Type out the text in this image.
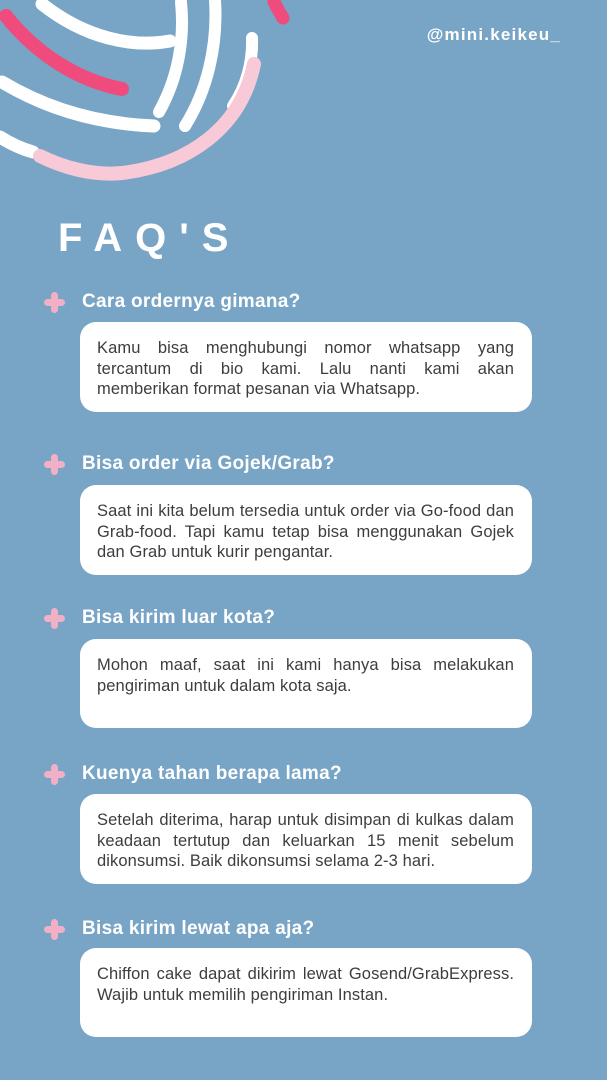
@mini.keikeu_
FAQ'S
Cara ordernya gimana?

Kamu bisa menghubungi nomor whatsapp yang tercantum di bio kami. Lalu nanti kami akan memberikan format pesanan via Whatsapp.

Bisa order via Gojek/Grab?

Saat ini kita belum tersedia untuk order via Go-food dan Grab-food. Tapi kamu tetap bisa menggunakan Gojek dan Grab untuk kurir pengantar.

Bisa kirim luar kota?

Mohon maaf, saat ini kami hanya bisa melakukan pengiriman untuk dalam kota saja.

Kuenya tahan berapa lama?

Setelah diterima, harap untuk disimpan di kulkas dalam keadaan tertutup dan keluarkan 15 menit sebelum dikonsumsi. Baik dikonsumsi selama 2-3 hari.

Bisa kirim lewat apa aja?

Chiffon cake dapat dikirim lewat Gosend/GrabExpress. Wajib untuk memilih pengiriman Instan.
